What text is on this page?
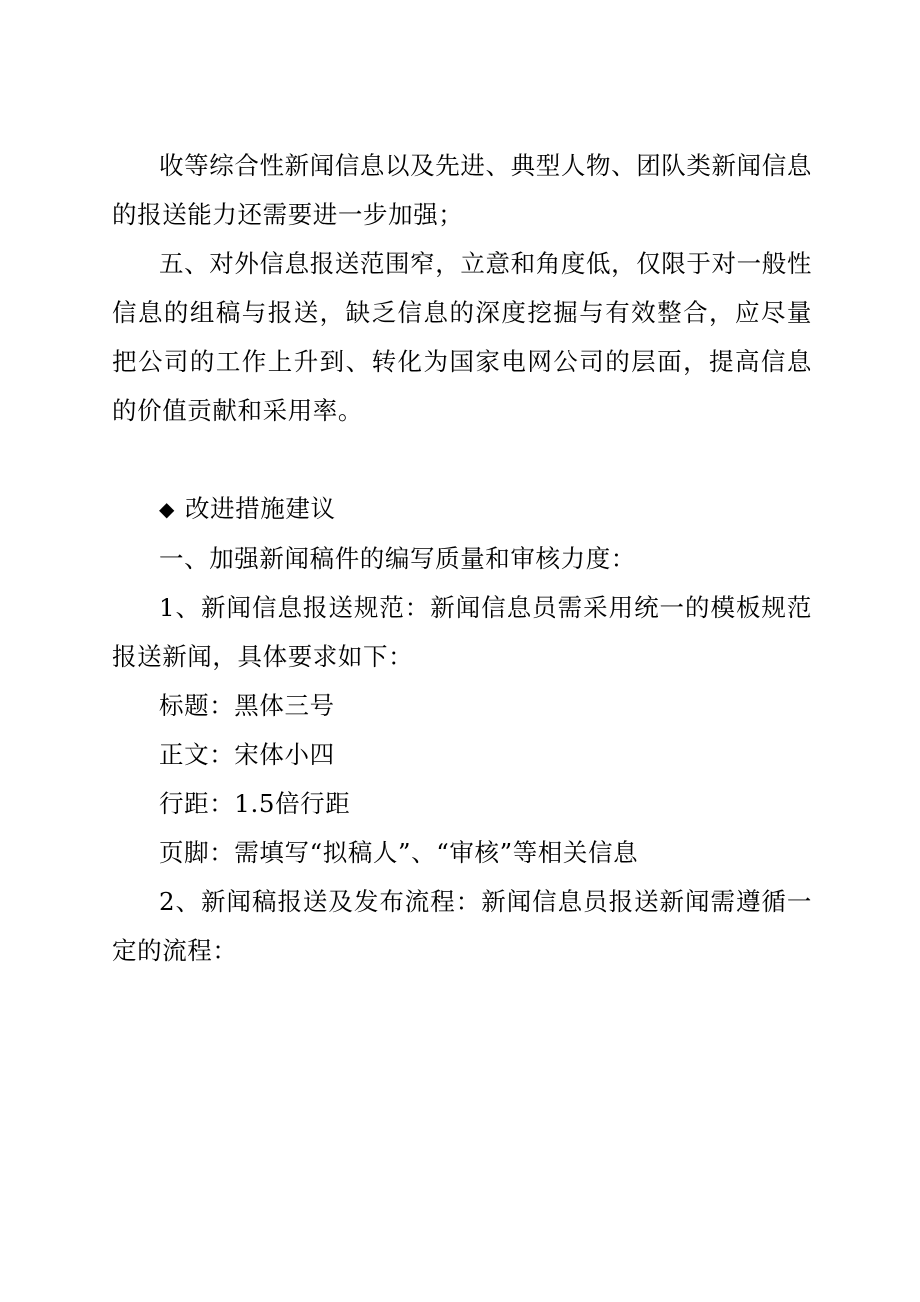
收等综合性新闻信息以及先进、典型人物、团队类新闻信息的报送能力还需要进一步加强；

五、对外信息报送范围窄，立意和角度低，仅限于对一般性信息的组稿与报送，缺乏信息的深度挖掘与有效整合，应尽量把公司的工作上升到、转化为国家电网公司的层面，提高信息的价值贡献和采用率。

◆ 改进措施建议

一、加强新闻稿件的编写质量和审核力度：

1、新闻信息报送规范：新闻信息员需采用统一的模板规范报送新闻，具体要求如下：

标题：黑体三号

正文：宋体小四

行距：1.5倍行距

页脚：需填写“拟稿人”、“审核”等相关信息

2、新闻稿报送及发布流程：新闻信息员报送新闻需遵循一定的流程：
